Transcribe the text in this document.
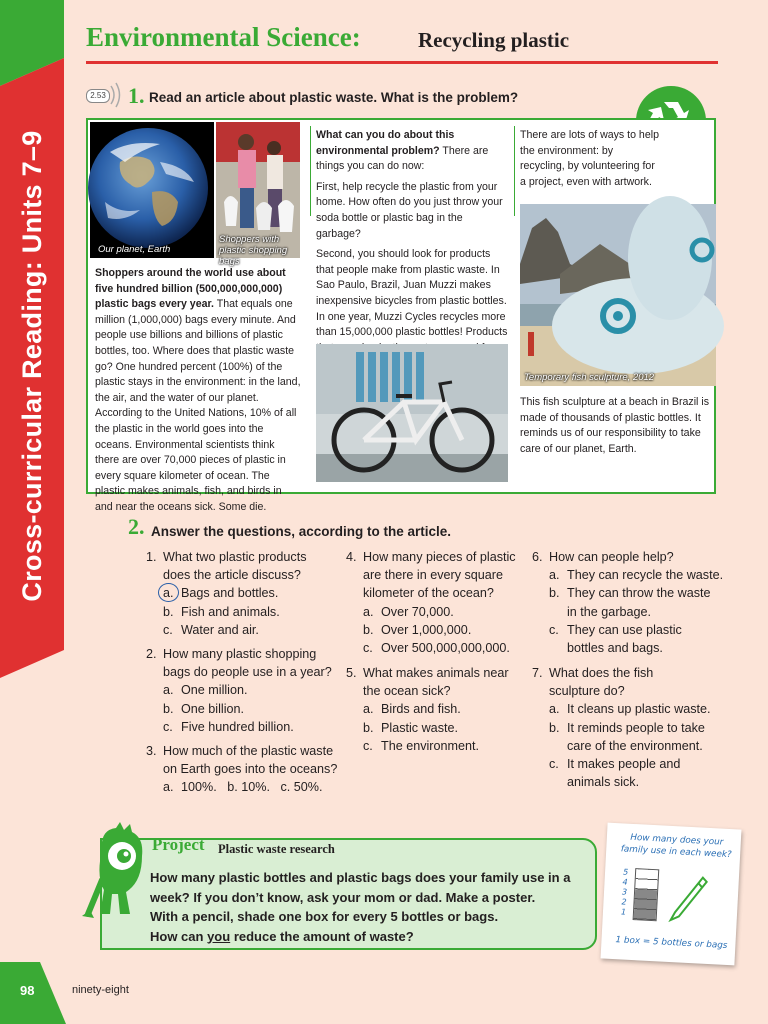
Cross-curricular Reading: Units 7–9
Environmental Science:	Recycling plastic
2.53 1. Read an article about plastic waste. What is the problem?
Our planet, Earth
Shoppers with plastic shopping bags
Shoppers around the world use about five hundred billion (500,000,000,000) plastic bags every year. That equals one million (1,000,000) bags every minute. And people use billions and billions of plastic bottles, too. Where does that plastic waste go? One hundred percent (100%) of the plastic stays in the environment: in the land, the air, and the water of our planet. According to the United Nations, 10% of all the plastic in the world goes into the oceans. Environmental scientists think there are over 70,000 pieces of plastic in every square kilometer of ocean. The plastic makes animals, fish, and birds in and near the oceans sick. Some die.
What can you do about this environmental problem? There are things you can do now:
First, help recycle the plastic from your home. How often do you just throw your soda bottle or plastic bag in the garbage?
Second, you should look for products that people make from plastic waste. In Sao Paulo, Brazil, Juan Muzzi makes inexpensive bicycles from plastic bottles. In one year, Muzzi Cycles recycles more than 15,000,000 plastic bottles! Products
There are lots of ways to help the environment: by recycling, by volunteering for a project, even with artwork.
Temporary fish sculpture, 2012
This fish sculpture at a beach in Brazil is made of thousands of plastic bottles. It reminds us of our responsibility to take care of our planet, Earth.
2. Answer the questions, according to the article.
1. What two plastic products
does the article discuss?
a. Bags and bottles.
b. Fish and animals.
c. Water and air.
2. How many plastic shopping
bags do people use in a year?
a. One million.
b. One billion.
c. Five hundred billion.
3. How much of the plastic waste
on Earth goes into the oceans?
a. 100%. b. 10%. c. 50%.
4. How many pieces of plastic
are there in every square
kilometer of the ocean?
a. Over 70,000.
b. Over 1,000,000.
c. Over 500,000,000,000.
5. What makes animals near
the ocean sick?
a. Birds and fish.
b. Plastic waste.
c. The environment.
6. How can people help?
a. They can recycle the waste.
b. They can throw the waste
in the garbage.
c. They can use plastic
bottles and bags.
7. What does the fish
sculpture do?
a. It cleans up plastic waste.
b. It reminds people to take
care of the environment.
c. It makes people and
animals sick.
Project Plastic waste research
How many plastic bottles and plastic bags does your family use in a
week? If you don’t know, ask your mom or dad. Make a poster.
With a pencil, shade one box for every 5 bottles or bags.
How can you reduce the amount of waste?
How many does your family use in each week?
5
4
3
2
1
1 box = 5 bottles or bags
98	ninety-eight
